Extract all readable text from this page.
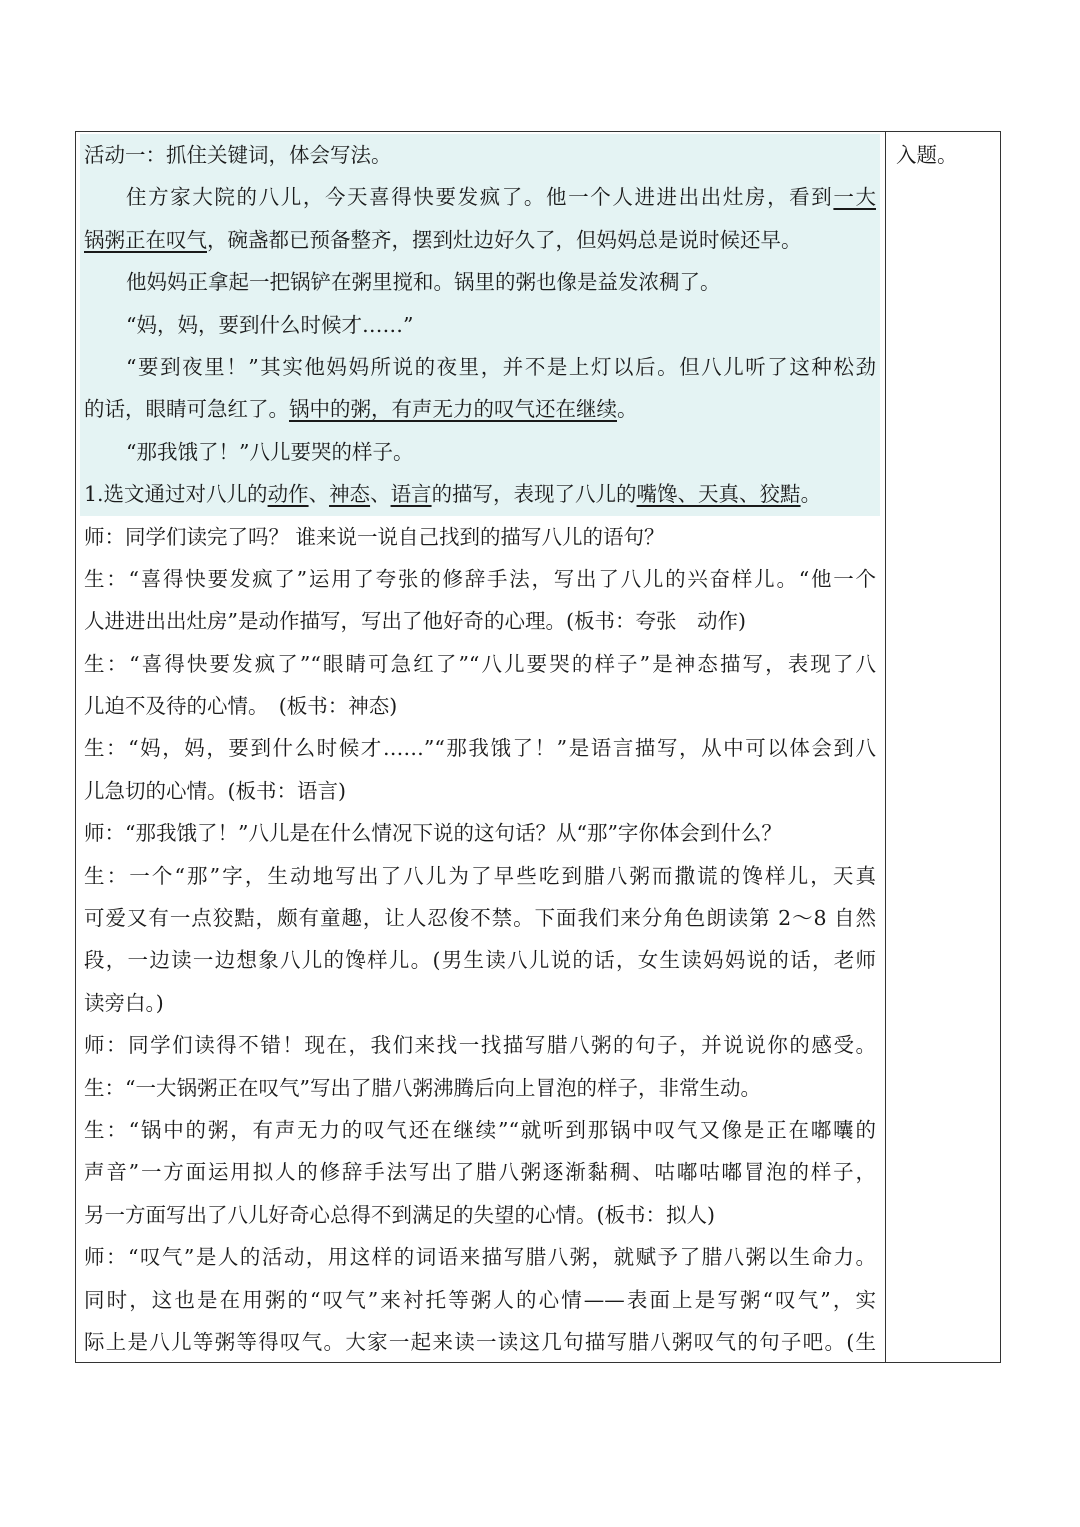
活动一：抓住关键词，体会写法。
住方家大院的八儿，今天喜得快要发疯了。他一个人进进出出灶房，看到一大
锅粥正在叹气，碗盏都已预备整齐，摆到灶边好久了，但妈妈总是说时候还早。
他妈妈正拿起一把锅铲在粥里搅和。锅里的粥也像是益发浓稠了。
“妈，妈，要到什么时候才……”
“要到夜里！”其实他妈妈所说的夜里，并不是上灯以后。但八儿听了这种松劲
的话，眼睛可急红了。锅中的粥，有声无力的叹气还在继续。
“那我饿了！”八儿要哭的样子。
1.选文通过对八儿的动作、神态、语言的描写，表现了八儿的嘴馋、天真、狡黠。
师：同学们读完了吗？ 谁来说一说自己找到的描写八儿的语句？
生：“喜得快要发疯了”运用了夸张的修辞手法，写出了八儿的兴奋样儿。“他一个
人进进出出灶房”是动作描写，写出了他好奇的心理。(板书：夸张　动作)
生：“喜得快要发疯了”“眼睛可急红了”“八儿要哭的样子”是神态描写，表现了八
儿迫不及待的心情。　(板书：神态)
生：“妈，妈，要到什么时候才……”“那我饿了！”是语言描写，从中可以体会到八
儿急切的心情。(板书：语言)
师：“那我饿了！”八儿是在什么情况下说的这句话？从“那”字你体会到什么？
生：一个“那”字，生动地写出了八儿为了早些吃到腊八粥而撒谎的馋样儿，天真
可爱又有一点狡黠，颇有童趣，让人忍俊不禁。下面我们来分角色朗读第 2～8 自然
段，一边读一边想象八儿的馋样儿。(男生读八儿说的话，女生读妈妈说的话，老师
读旁白。)
师：同学们读得不错！现在，我们来找一找描写腊八粥的句子，并说说你的感受。
生：“一大锅粥正在叹气”写出了腊八粥沸腾后向上冒泡的样子，非常生动。
生：“锅中的粥，有声无力的叹气还在继续”“就听到那锅中叹气又像是正在嘟囔的
声音”一方面运用拟人的修辞手法写出了腊八粥逐渐黏稠、咕嘟咕嘟冒泡的样子，
另一方面写出了八儿好奇心总得不到满足的失望的心情。(板书：拟人)
师：“叹气”是人的活动，用这样的词语来描写腊八粥，就赋予了腊八粥以生命力。
同时，这也是在用粥的“叹气”来衬托等粥人的心情——表面上是写粥“叹气”，实
际上是八儿等粥等得叹气。大家一起来读一读这几句描写腊八粥叹气的句子吧。(生
入题。
